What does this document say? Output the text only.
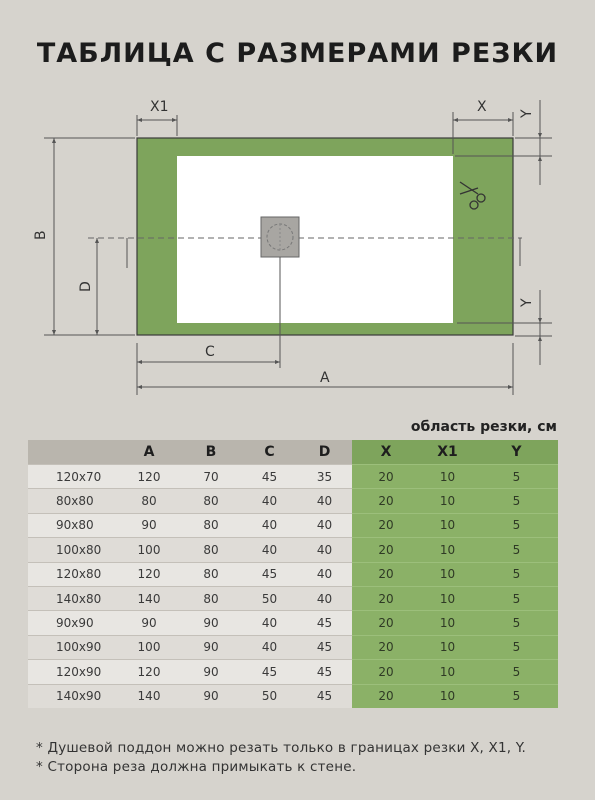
ТАБЛИЦА С РАЗМЕРАМИ РЕЗКИ
X1	X Y
Y
B
D
C
A
область резки, см
	A	B	C	D	X	X1	Y
120x70	120	70	45	35	20	10	5
80x80	80	80	40	40	20	10	5
90x80	90	80	40	40	20	10	5
100x80	100	80	40	40	20	10	5
120x80	120	80	45	40	20	10	5
140x80	140	80	50	40	20	10	5
90x90	90	90	40	45	20	10	5
100x90	100	90	40	45	20	10	5
120x90	120	90	45	45	20	10	5
140x90	140	90	50	45	20	10	5
* Душевой поддон можно резать только в границах резки X, X1, Y.
* Сторона реза должна примыкать к стене.
